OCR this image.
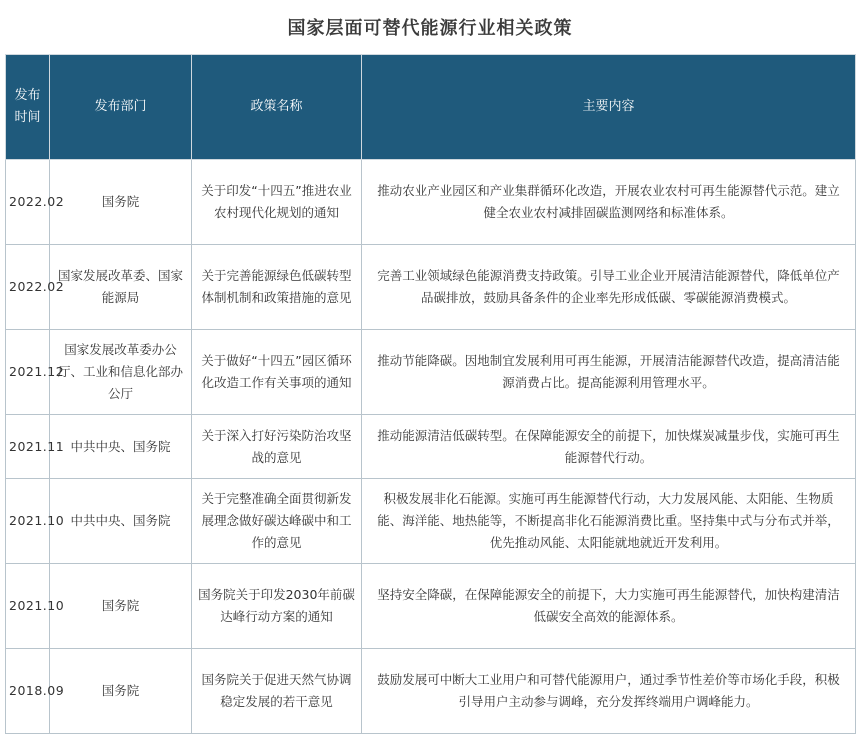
国家层面可替代能源行业相关政策
发布时间	发布部门	政策名称	主要内容
2022.02	国务院	关于印发“十四五”推进农业农村现代化规划的通知	推动农业产业园区和产业集群循环化改造，开展农业农村可再生能源替代示范。建立健全农业农村减排固碳监测网络和标准体系。
2022.02	国家发展改革委、国家能源局	关于完善能源绿色低碳转型体制机制和政策措施的意见	完善工业领域绿色能源消费支持政策。引导工业企业开展清洁能源替代，降低单位产品碳排放，鼓励具备条件的企业率先形成低碳、零碳能源消费模式。
2021.12	国家发展改革委办公厅、工业和信息化部办公厅	关于做好“十四五”园区循环化改造工作有关事项的通知	推动节能降碳。因地制宜发展利用可再生能源，开展清洁能源替代改造，提高清洁能源消费占比。提高能源利用管理水平。
2021.11	中共中央、国务院	关于深入打好污染防治攻坚战的意见	推动能源清洁低碳转型。在保障能源安全的前提下，加快煤炭减量步伐，实施可再生能源替代行动。
2021.10	中共中央、国务院	关于完整准确全面贯彻新发展理念做好碳达峰碳中和工作的意见	积极发展非化石能源。实施可再生能源替代行动，大力发展风能、太阳能、生物质能、海洋能、地热能等，不断提高非化石能源消费比重。坚持集中式与分布式并举，优先推动风能、太阳能就地就近开发利用。
2021.10	国务院	国务院关于印发2030年前碳达峰行动方案的通知	坚持安全降碳，在保障能源安全的前提下，大力实施可再生能源替代，加快构建清洁低碳安全高效的能源体系。
2018.09	国务院	国务院关于促进天然气协调稳定发展的若干意见	鼓励发展可中断大工业用户和可替代能源用户，通过季节性差价等市场化手段，积极引导用户主动参与调峰，充分发挥终端用户调峰能力。
